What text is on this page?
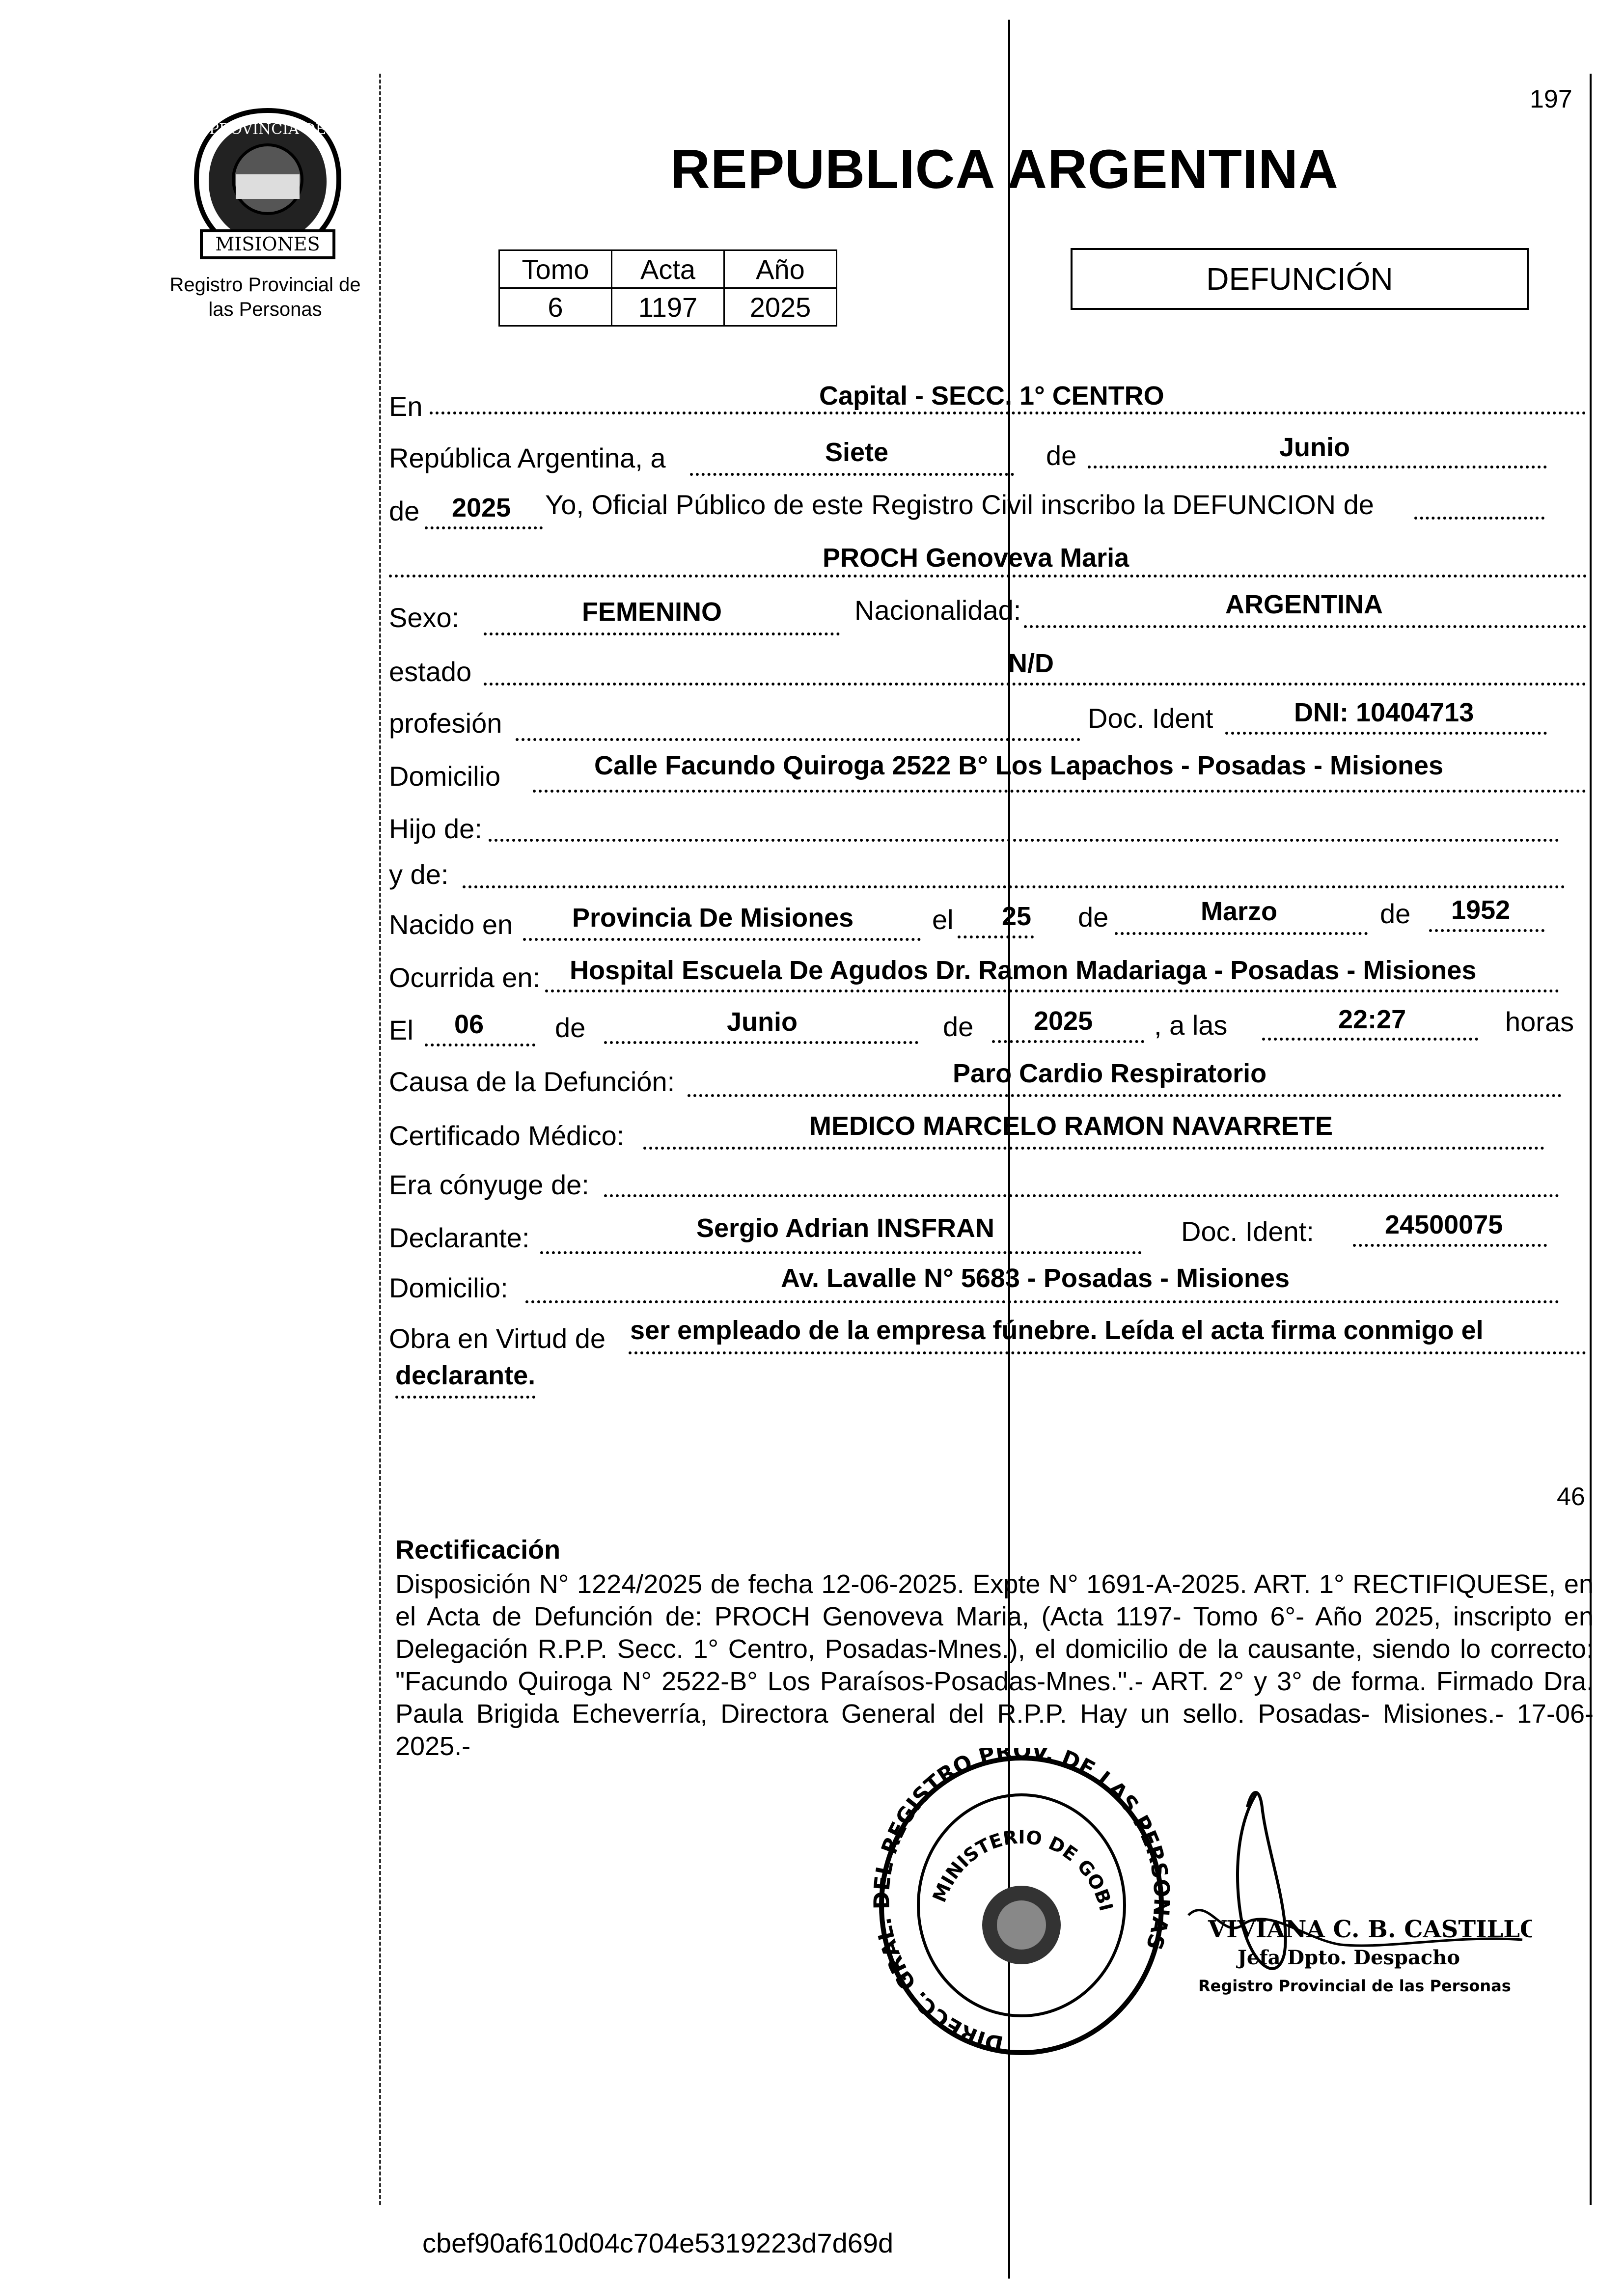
PROVINCIA DE
MISIONES
Registro Provincial de las Personas
197
REPUBLICA ARGENTINA
Tomo	Acta	Año
6	1197	2025
DEFUNCIÓN
En	Capital - SECC. 1° CENTRO
República Argentina, a	Siete	de	Junio
de 2025 Yo, Oficial Público de este Registro Civil inscribo la DEFUNCION de
PROCH Genoveva Maria
Sexo:	FEMENINO	Nacionalidad:	ARGENTINA
estado	N/D
profesión	Doc. Ident	DNI: 10404713
Domicilio	Calle Facundo Quiroga 2522 B° Los Lapachos - Posadas - Misiones
Hijo de:
y de:
Nacido en Provincia De Misiones	el 25 de	Marzo	de 1952
Ocurrida en: Hospital Escuela De Agudos Dr. Ramon Madariaga - Posadas - Misiones
El 06	de	Junio	de 2025 , a las	22:27	horas
Causa de la Defunción:	Paro Cardio Respiratorio
Certificado Médico:	MEDICO MARCELO RAMON NAVARRETE
Era cónyuge de:
Declarante:	Sergio Adrian INSFRAN	Doc. Ident:	24500075
Domicilio:	Av. Lavalle N° 5683 - Posadas - Misiones
Obra en Virtud de ser empleado de la empresa fúnebre. Leída el acta firma conmigo el
declarante.
46
Rectificación
Disposición N° 1224/2025 de fecha 12-06-2025. Expte N° 1691-A-2025. ART. 1° RECTIFIQUESE, en el Acta de Defunción de: PROCH Genoveva Maria, (Acta 1197- Tomo 6°- Año 2025, inscripto en Delegación R.P.P. Secc. 1° Centro, Posadas-Mnes.), el domicilio de la causante, siendo lo correcto: "Facundo Quiroga N° 2522-B° Los Paraísos-Posadas-Mnes.".- ART. 2° y 3° de forma. Firmado Dra. Paula Brigida Echeverría, Directora General del R.P.P. Hay un sello. Posadas- Misiones.- 17-06-2025.-
DIRECC. GRAL. DEL REGISTRO PROV. DE LAS PERSONAS
MINISTERIO DE GOBI
VIVIANA C. B. CASTILLO
Jefa Dpto. Despacho
Registro Provincial de las Personas
cbef90af610d04c704e5319223d7d69d
